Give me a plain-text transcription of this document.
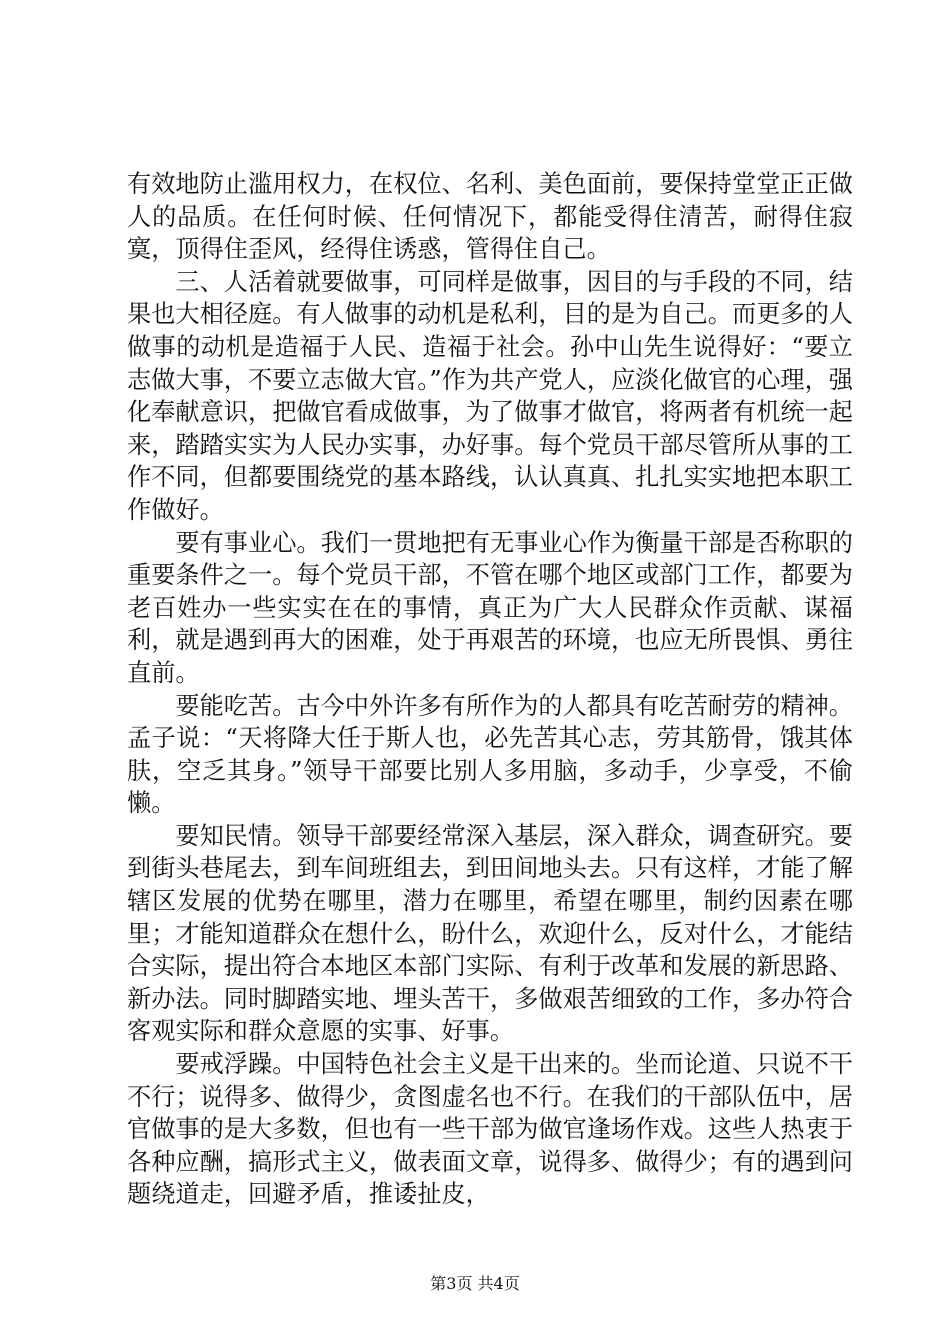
有效地防止滥用权力，在权位、名利、美色面前，要保持堂堂正正做人的品质。在任何时候、任何情况下，都能受得住清苦，耐得住寂寞，顶得住歪风，经得住诱惑，管得住自己。

三、人活着就要做事，可同样是做事，因目的与手段的不同，结果也大相径庭。有人做事的动机是私利，目的是为自己。而更多的人做事的动机是造福于人民、造福于社会。孙中山先生说得好：“要立志做大事，不要立志做大官。”作为共产党人，应淡化做官的心理，强化奉献意识，把做官看成做事，为了做事才做官，将两者有机统一起来，踏踏实实为人民办实事，办好事。每个党员干部尽管所从事的工作不同，但都要围绕党的基本路线，认认真真、扎扎实实地把本职工作做好。

要有事业心。我们一贯地把有无事业心作为衡量干部是否称职的重要条件之一。每个党员干部，不管在哪个地区或部门工作，都要为老百姓办一些实实在在的事情，真正为广大人民群众作贡献、谋福利，就是遇到再大的困难，处于再艰苦的环境，也应无所畏惧、勇往直前。

要能吃苦。古今中外许多有所作为的人都具有吃苦耐劳的精神。孟子说：“天将降大任于斯人也，必先苦其心志，劳其筋骨，饿其体肤，空乏其身。”领导干部要比别人多用脑，多动手，少享受，不偷懒。

要知民情。领导干部要经常深入基层，深入群众，调查研究。要到街头巷尾去，到车间班组去，到田间地头去。只有这样，才能了解辖区发展的优势在哪里，潜力在哪里，希望在哪里，制约因素在哪里；才能知道群众在想什么，盼什么，欢迎什么，反对什么，才能结合实际，提出符合本地区本部门实际、有利于改革和发展的新思路、新办法。同时脚踏实地、埋头苦干，多做艰苦细致的工作，多办符合客观实际和群众意愿的实事、好事。

要戒浮躁。中国特色社会主义是干出来的。坐而论道、只说不干不行；说得多、做得少，贪图虚名也不行。在我们的干部队伍中，居官做事的是大多数，但也有一些干部为做官逢场作戏。这些人热衷于各种应酬，搞形式主义，做表面文章，说得多、做得少；有的遇到问题绕道走，回避矛盾，推诿扯皮，

第3页 共4页
